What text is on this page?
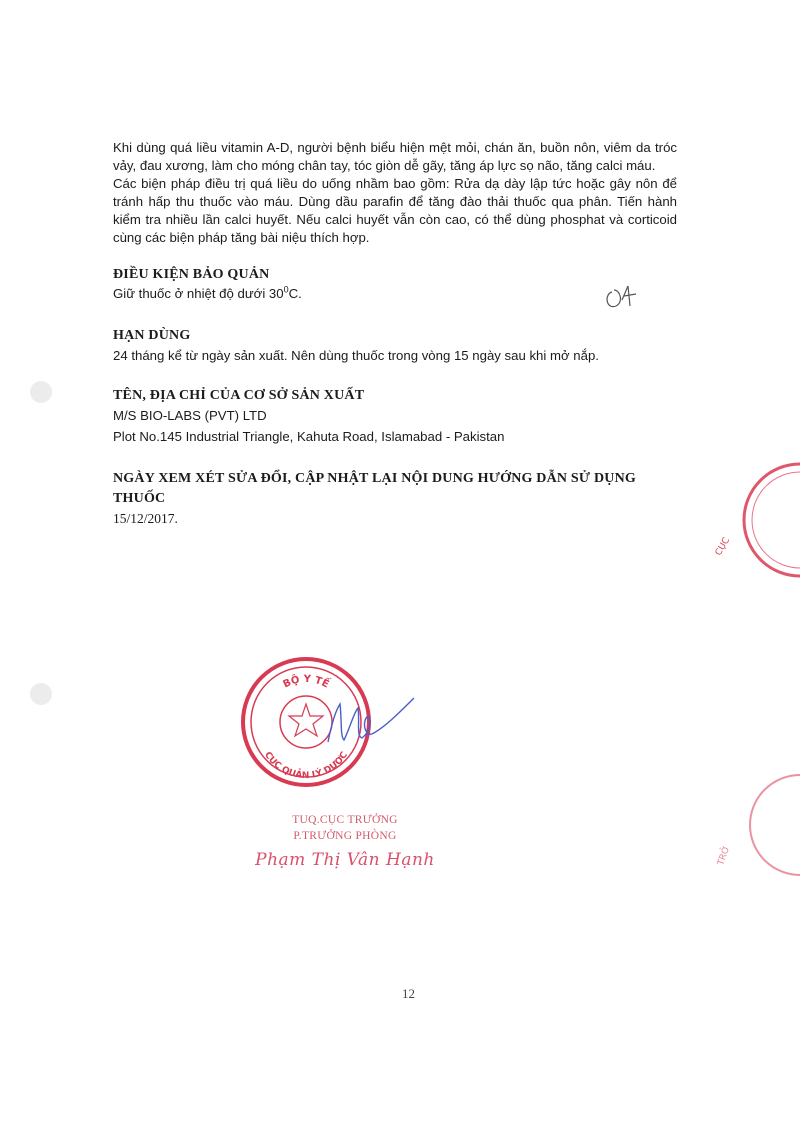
Khi dùng quá liều vitamin A-D, người bệnh biểu hiện mệt mỏi, chán ăn, buồn nôn, viêm da tróc vảy, đau xương, làm cho móng chân tay, tóc giòn dễ gãy, tăng áp lực sọ não, tăng calci máu.

Các biện pháp điều trị quá liều do uống nhầm bao gồm: Rửa dạ dày lập tức hoặc gây nôn để tránh hấp thu thuốc vào máu. Dùng dầu parafin để tăng đào thải thuốc qua phân. Tiến hành kiểm tra nhiều lần calci huyết. Nếu calci huyết vẫn còn cao, có thể dùng phosphat và corticoid cùng các biện pháp tăng bài niệu thích hợp.

ĐIỀU KIỆN BẢO QUẢN
Giữ thuốc ở nhiệt độ dưới $30^0C$.
HẠN DÙNG
24 tháng kể từ ngày sản xuất. Nên dùng thuốc trong vòng 15 ngày sau khi mở nắp.
TÊN, ĐỊA CHỈ CỦA CƠ SỞ SẢN XUẤT
M/S BIO-LABS (PVT) LTD
Plot No.145 Industrial Triangle, Kahuta Road, Islamabad - Pakistan
NGÀY XEM XÉT SỬA ĐỔI, CẬP NHẬT LẠI NỘI DUNG HƯỚNG DẪN SỬ DỤNG
THUỐC
15/12/2017.
CỤC
TRỞ
BỘ Y TẾ
CỤC QUẢN LÝ DƯỢC
TUQ.CỤC TRƯỞNG
P.TRƯỞNG PHÒNG
Phạm Thị Vân Hạnh
12
